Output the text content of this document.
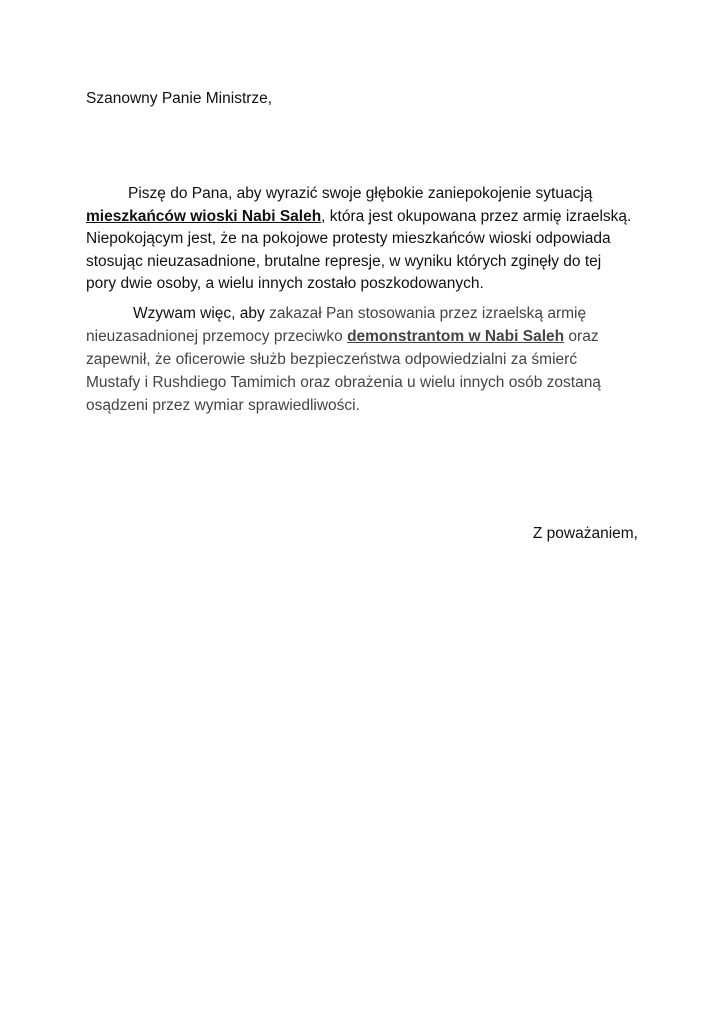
Szanowny Panie Ministrze,
Piszę do Pana, aby wyrazić swoje głębokie zaniepokojenie sytuacją
mieszkańców wioski Nabi Saleh, która jest okupowana przez armię izraelską.
Niepokojącym jest, że na pokojowe protesty mieszkańców wioski odpowiada
stosując nieuzasadnione, brutalne represje, w wyniku których zginęły do tej
pory dwie osoby, a wielu innych zostało poszkodowanych.
Wzywam więc, aby zakazał Pan stosowania przez izraelską armię
nieuzasadnionej przemocy przeciwko demonstrantom w Nabi Saleh oraz
zapewnił, że oficerowie służb bezpieczeństwa odpowiedzialni za śmierć
Mustafy i Rushdiego Tamimich oraz obrażenia u wielu innych osób zostaną
osądzeni przez wymiar sprawiedliwości.
Z poważaniem,
